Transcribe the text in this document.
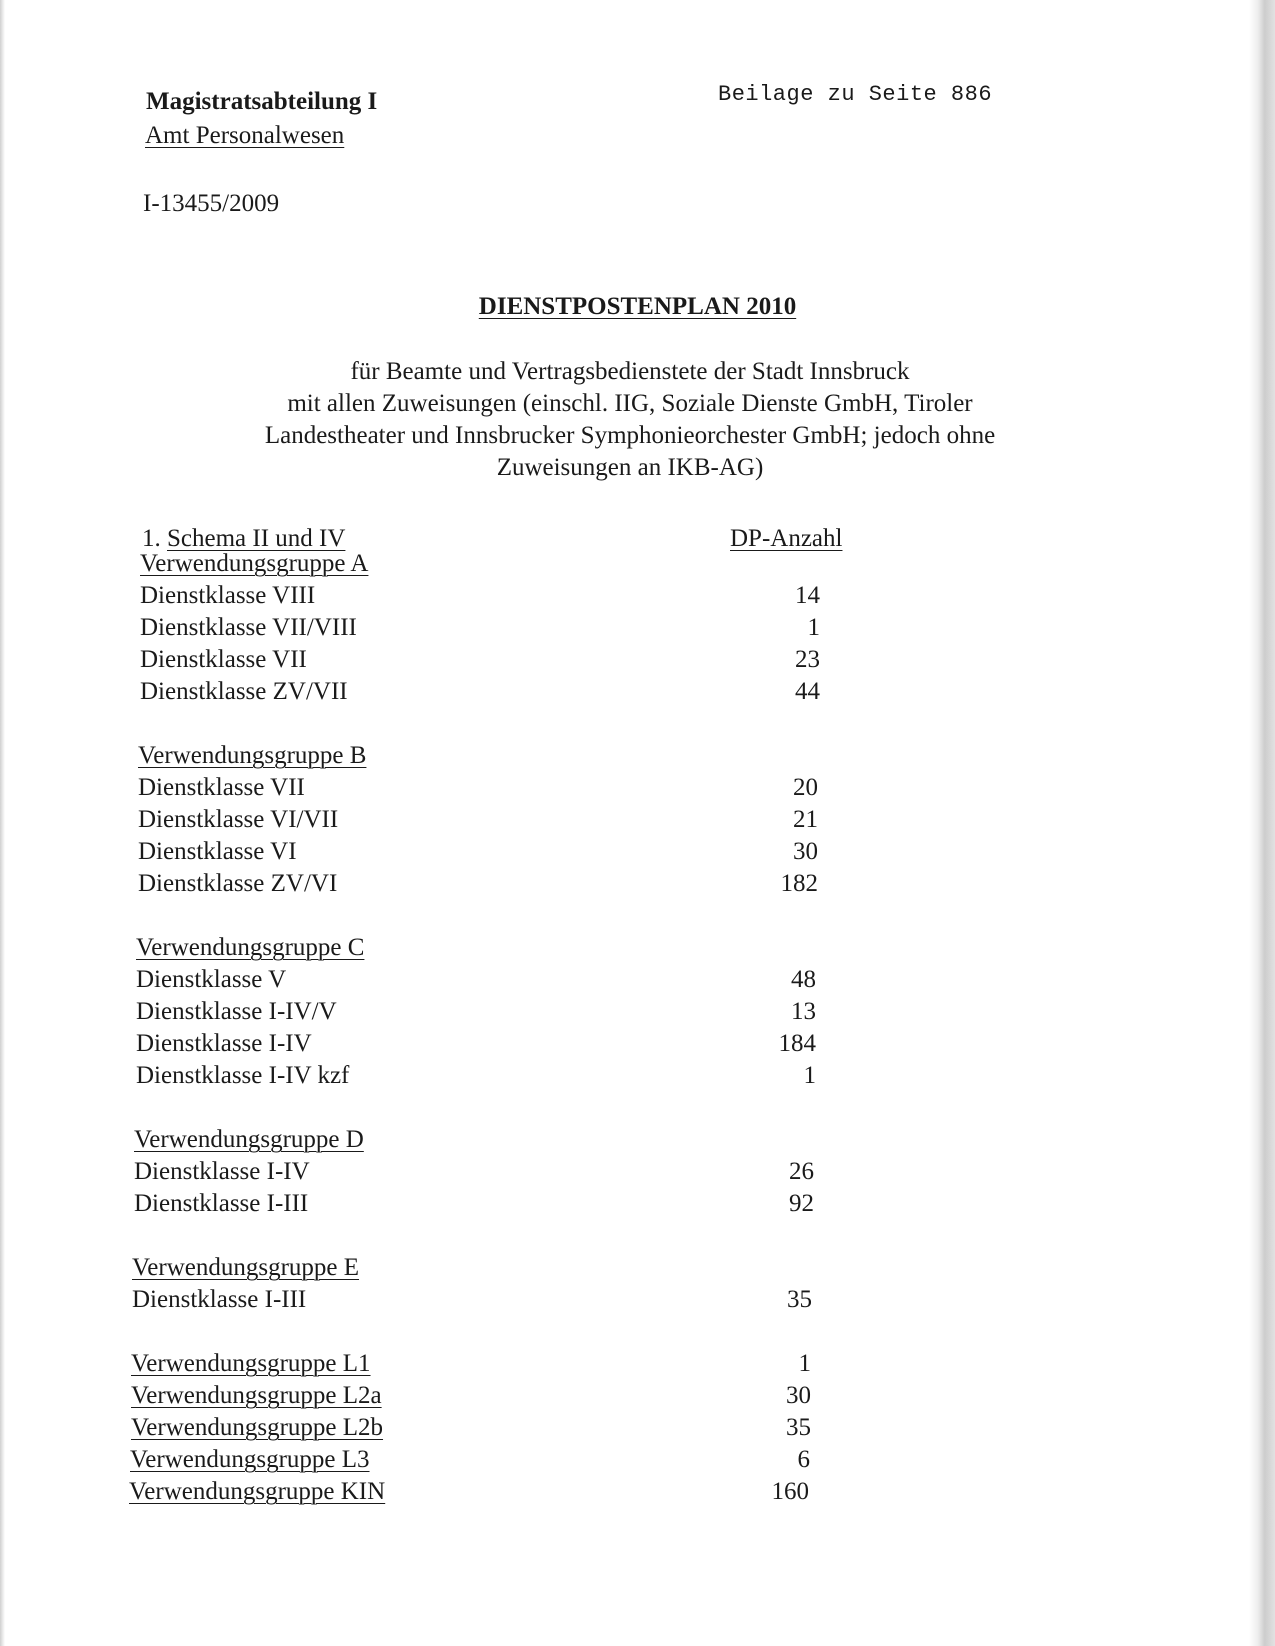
Magistratsabteilung I
Amt Personalwesen
Beilage zu Seite 886
I-13455/2009
DIENSTPOSTENPLAN 2010
für Beamte und Vertragsbedienstete der Stadt Innsbruck
mit allen Zuweisungen (einschl. IIG, Soziale Dienste GmbH, Tiroler
Landestheater und Innsbrucker Symphonieorchester GmbH; jedoch ohne
Zuweisungen an IKB-AG)
1. Schema II und IV	DP-Anzahl
Verwendungsgruppe A
Dienstklasse VIII	14
Dienstklasse VII/VIII	1
Dienstklasse VII	23
Dienstklasse ZV/VII	44
Verwendungsgruppe B
Dienstklasse VII	20
Dienstklasse VI/VII	21
Dienstklasse VI	30
Dienstklasse ZV/VI	182
Verwendungsgruppe C
Dienstklasse V	48
Dienstklasse I-IV/V	13
Dienstklasse I-IV	184
Dienstklasse I-IV kzf	1
Verwendungsgruppe D
Dienstklasse I-IV	26
Dienstklasse I-III	92
Verwendungsgruppe E
Dienstklasse I-III	35
Verwendungsgruppe L1	1
Verwendungsgruppe L2a	30
Verwendungsgruppe L2b	35
Verwendungsgruppe L3	6
Verwendungsgruppe KIN	160
